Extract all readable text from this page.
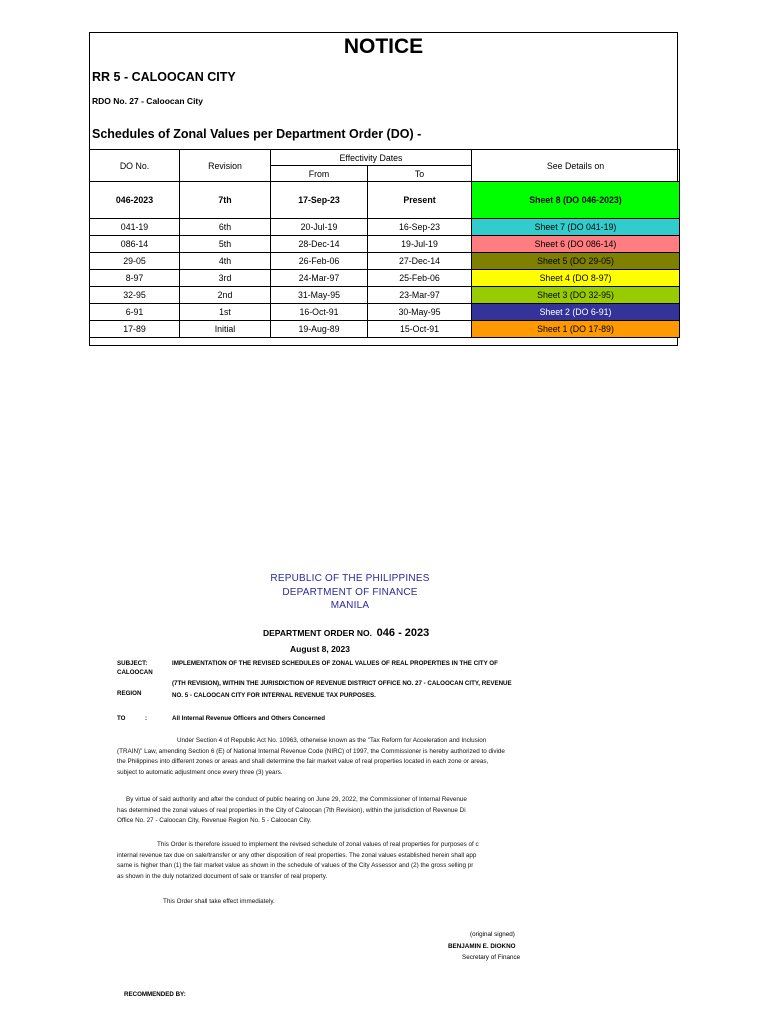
NOTICE
RR 5 - CALOOCAN CITY
RDO No. 27 - Caloocan City
Schedules of Zonal Values per Department Order (DO) -
DO No.	Revision	Effectivity Dates		See Details on
		From	To	
046-2023	7th	17-Sep-23	Present	Sheet 8 (DO 046-2023)
041-19	6th	20-Jul-19	16-Sep-23	Sheet 7 (DO 041-19)
086-14	5th	28-Dec-14	19-Jul-19	Sheet 6 (DO 086-14)
29-05	4th	26-Feb-06	27-Dec-14	Sheet 5 (DO 29-05)
8-97	3rd	24-Mar-97	25-Feb-06	Sheet 4 (DO 8-97)
32-95	2nd	31-May-95	23-Mar-97	Sheet 3 (DO 32-95)
6-91	1st	16-Oct-91	30-May-95	Sheet 2 (DO 6-91)
17-89	Initial	19-Aug-89	15-Oct-91	Sheet 1 (DO 17-89)
REPUBLIC OF THE PHILIPPINES
DEPARTMENT OF FINANCE
MANILA
DEPARTMENT ORDER NO. 046 - 2023
August 8, 2023
SUBJECT:	IMPLEMENTATION OF THE REVISED SCHEDULES OF ZONAL VALUES OF REAL PROPERTIES IN THE CITY OF
CALOOCAN
(7TH REVISION), WITHIN THE JURISDICTION OF REVENUE DISTRICT OFFICE NO. 27 - CALOOCAN CITY, REVENUE
REGION	NO. 5 - CALOOCAN CITY FOR INTERNAL REVENUE TAX PURPOSES.
TO	:	All Internal Revenue Officers and Others Concerned
Under Section 4 of Republic Act No. 10963, otherwise known as the "Tax Reform for Acceleration and Inclusion
(TRAIN)" Law, amending Section 6 (E) of National Internal Revenue Code (NIRC) of 1997, the Commissioner is hereby authorized to divide
the Philippines into different zones or areas and shall determine the fair market value of real properties located in each zone or areas,
subject to automatic adjustment once every three (3) years.
By virtue of said authority and after the conduct of public hearing on June 29, 2022, the Commissioner of Internal Revenue
has determined the zonal values of real properties in the City of Caloocan (7th Revision), within the jurisdiction of Revenue Di
Office No. 27 - Caloocan City, Revenue Region No. 5 - Caloocan City.
This Order is therefore issued to implement the revised schedule of zonal values of real properties for purposes of c
internal revenue tax due on sale/transfer or any other disposition of real properties. The zonal values established herein shall app
same is higher than (1) the fair market value as shown in the schedule of values of the City Assessor and (2) the gross selling pr
as shown in the duly notarized document of sale or transfer of real property.
This Order shall take effect immediately.
(original signed)
BENJAMIN E. DIOKNO
Secretary of Finance
RECOMMENDED BY:
